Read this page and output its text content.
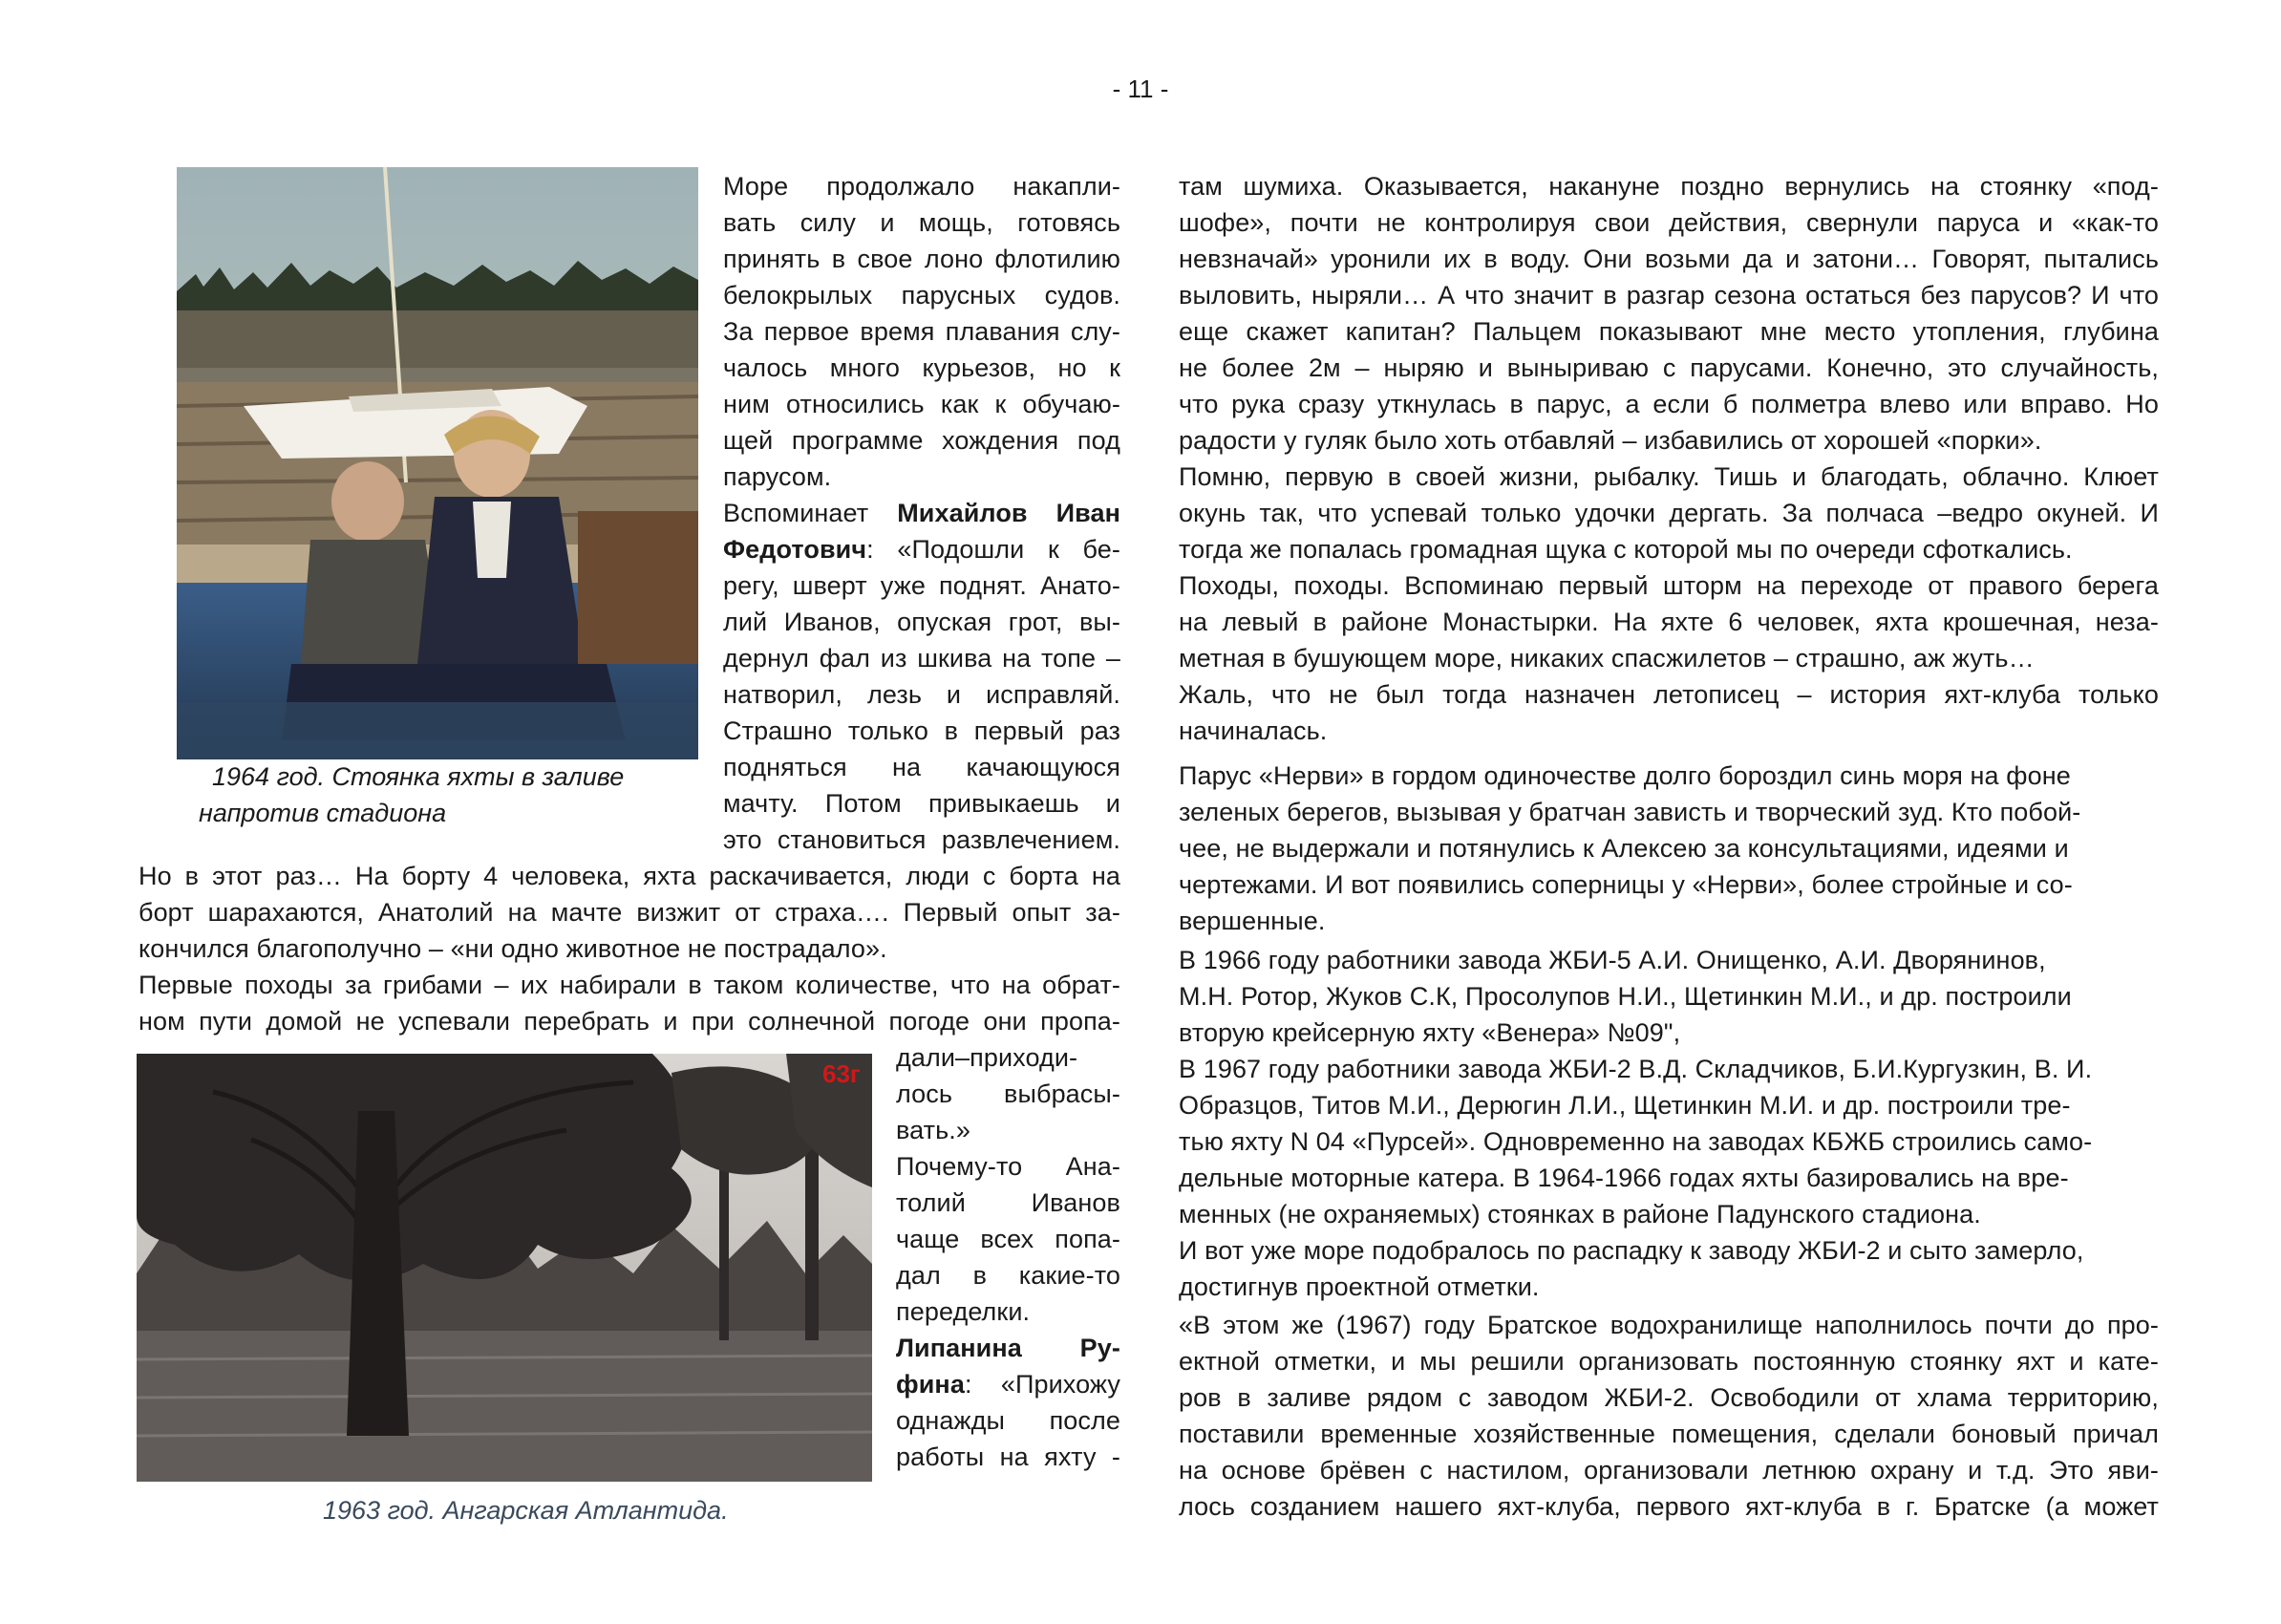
- 11 -
1964 год. Стоянка яхты в заливе
напротив стадиона
63г
1963 год. Ангарская Атлантида.
Море продолжало накапли-
вать силу и мощь, готовясь
принять в свое лоно флотилию
белокрылых парусных судов.
За первое время плавания слу-
чалось много курьезов, но к
ним относились как к обучаю-
щей программе хождения под
парусом.
Вспоминает Михайлов Иван
Федотович: «Подошли к бе-
регу, шверт уже поднят. Анато-
лий Иванов, опуская грот, вы-
дернул фал из шкива на топе –
натворил, лезь и исправляй.
Страшно только в первый раз
подняться на качающуюся
мачту. Потом привыкаешь и
это становиться развлечением.
Но в этот раз… На борту 4 человека, яхта раскачивается, люди с борта на
борт шарахаются, Анатолий на мачте визжит от страха…. Первый опыт за-
кончился благополучно – «ни одно животное не пострадало».
Первые походы за грибами – их набирали в таком количестве, что на обрат-
ном пути домой не успевали перебрать и при солнечной погоде они пропа-
дали–приходи-
лось выбрасы-
вать.»
Почему-то Ана-
толий Иванов
чаще всех попа-
дал в какие-то
переделки.
Липанина Ру-
фина: «Прихожу
однажды после
работы на яхту -
там шумиха. Оказывается, накануне поздно вернулись на стоянку «под-
шофе», почти не контролируя свои действия, свернули паруса и «как-то
невзначай» уронили их в воду. Они возьми да и затони… Говорят, пытались
выловить, ныряли… А что значит в разгар сезона остаться без парусов? И что
еще скажет капитан? Пальцем показывают мне место утопления, глубина
не более 2м – ныряю и выныриваю с парусами. Конечно, это случайность,
что рука сразу уткнулась в парус, а если б полметра влево или вправо. Но
радости у гуляк было хоть отбавляй – избавились от хорошей «порки».
Помню, первую в своей жизни, рыбалку. Тишь и благодать, облачно. Клюет
окунь так, что успевай только удочки дергать. За полчаса –ведро окуней. И
тогда же попалась громадная щука с которой мы по очереди сфоткались.
Походы, походы. Вспоминаю первый шторм на переходе от правого берега
на левый в районе Монастырки. На яхте 6 человек, яхта крошечная, неза-
метная в бушующем море, никаких спасжилетов – страшно, аж жуть…
Жаль, что не был тогда назначен летописец – история яхт-клуба только
начиналась.
Парус «Нерви» в гордом одиночестве долго бороздил синь моря на фоне
зеленых берегов, вызывая у братчан зависть и творческий зуд. Кто побой-
чее, не выдержали и потянулись к Алексею за консультациями, идеями и
чертежами. И вот появились соперницы у «Нерви», более стройные и со-
вершенные.
В 1966 году работники завода ЖБИ-5 А.И. Онищенко, А.И. Дворянинов,
М.Н. Ротор, Жуков С.К, Просолупов Н.И., Щетинкин М.И., и др. построили
вторую крейсерную яхту «Венера» №09",
В 1967 году работники завода ЖБИ-2 В.Д. Складчиков, Б.И.Кургузкин, В. И.
Образцов, Титов М.И., Дерюгин Л.И., Щетинкин М.И. и др. построили тре-
тью яхту N 04 «Пурсей». Одновременно на заводах КБЖБ строились само-
дельные моторные катера. В 1964-1966 годах яхты базировались на вре-
менных (не охраняемых) стоянках в районе Падунского стадиона.
И вот уже море подобралось по распадку к заводу ЖБИ-2 и сыто замерло,
достигнув проектной отметки.
«В этом же (1967) году Братское водохранилище наполнилось почти до про-
ектной отметки, и мы решили организовать постоянную стоянку яхт и кате-
ров в заливе рядом с заводом ЖБИ-2. Освободили от хлама территорию,
поставили временные хозяйственные помещения, сделали боновый причал
на основе брёвен с настилом, организовали летнюю охрану и т.д. Это яви-
лось созданием нашего яхт-клуба, первого яхт-клуба в г. Братске (а может
